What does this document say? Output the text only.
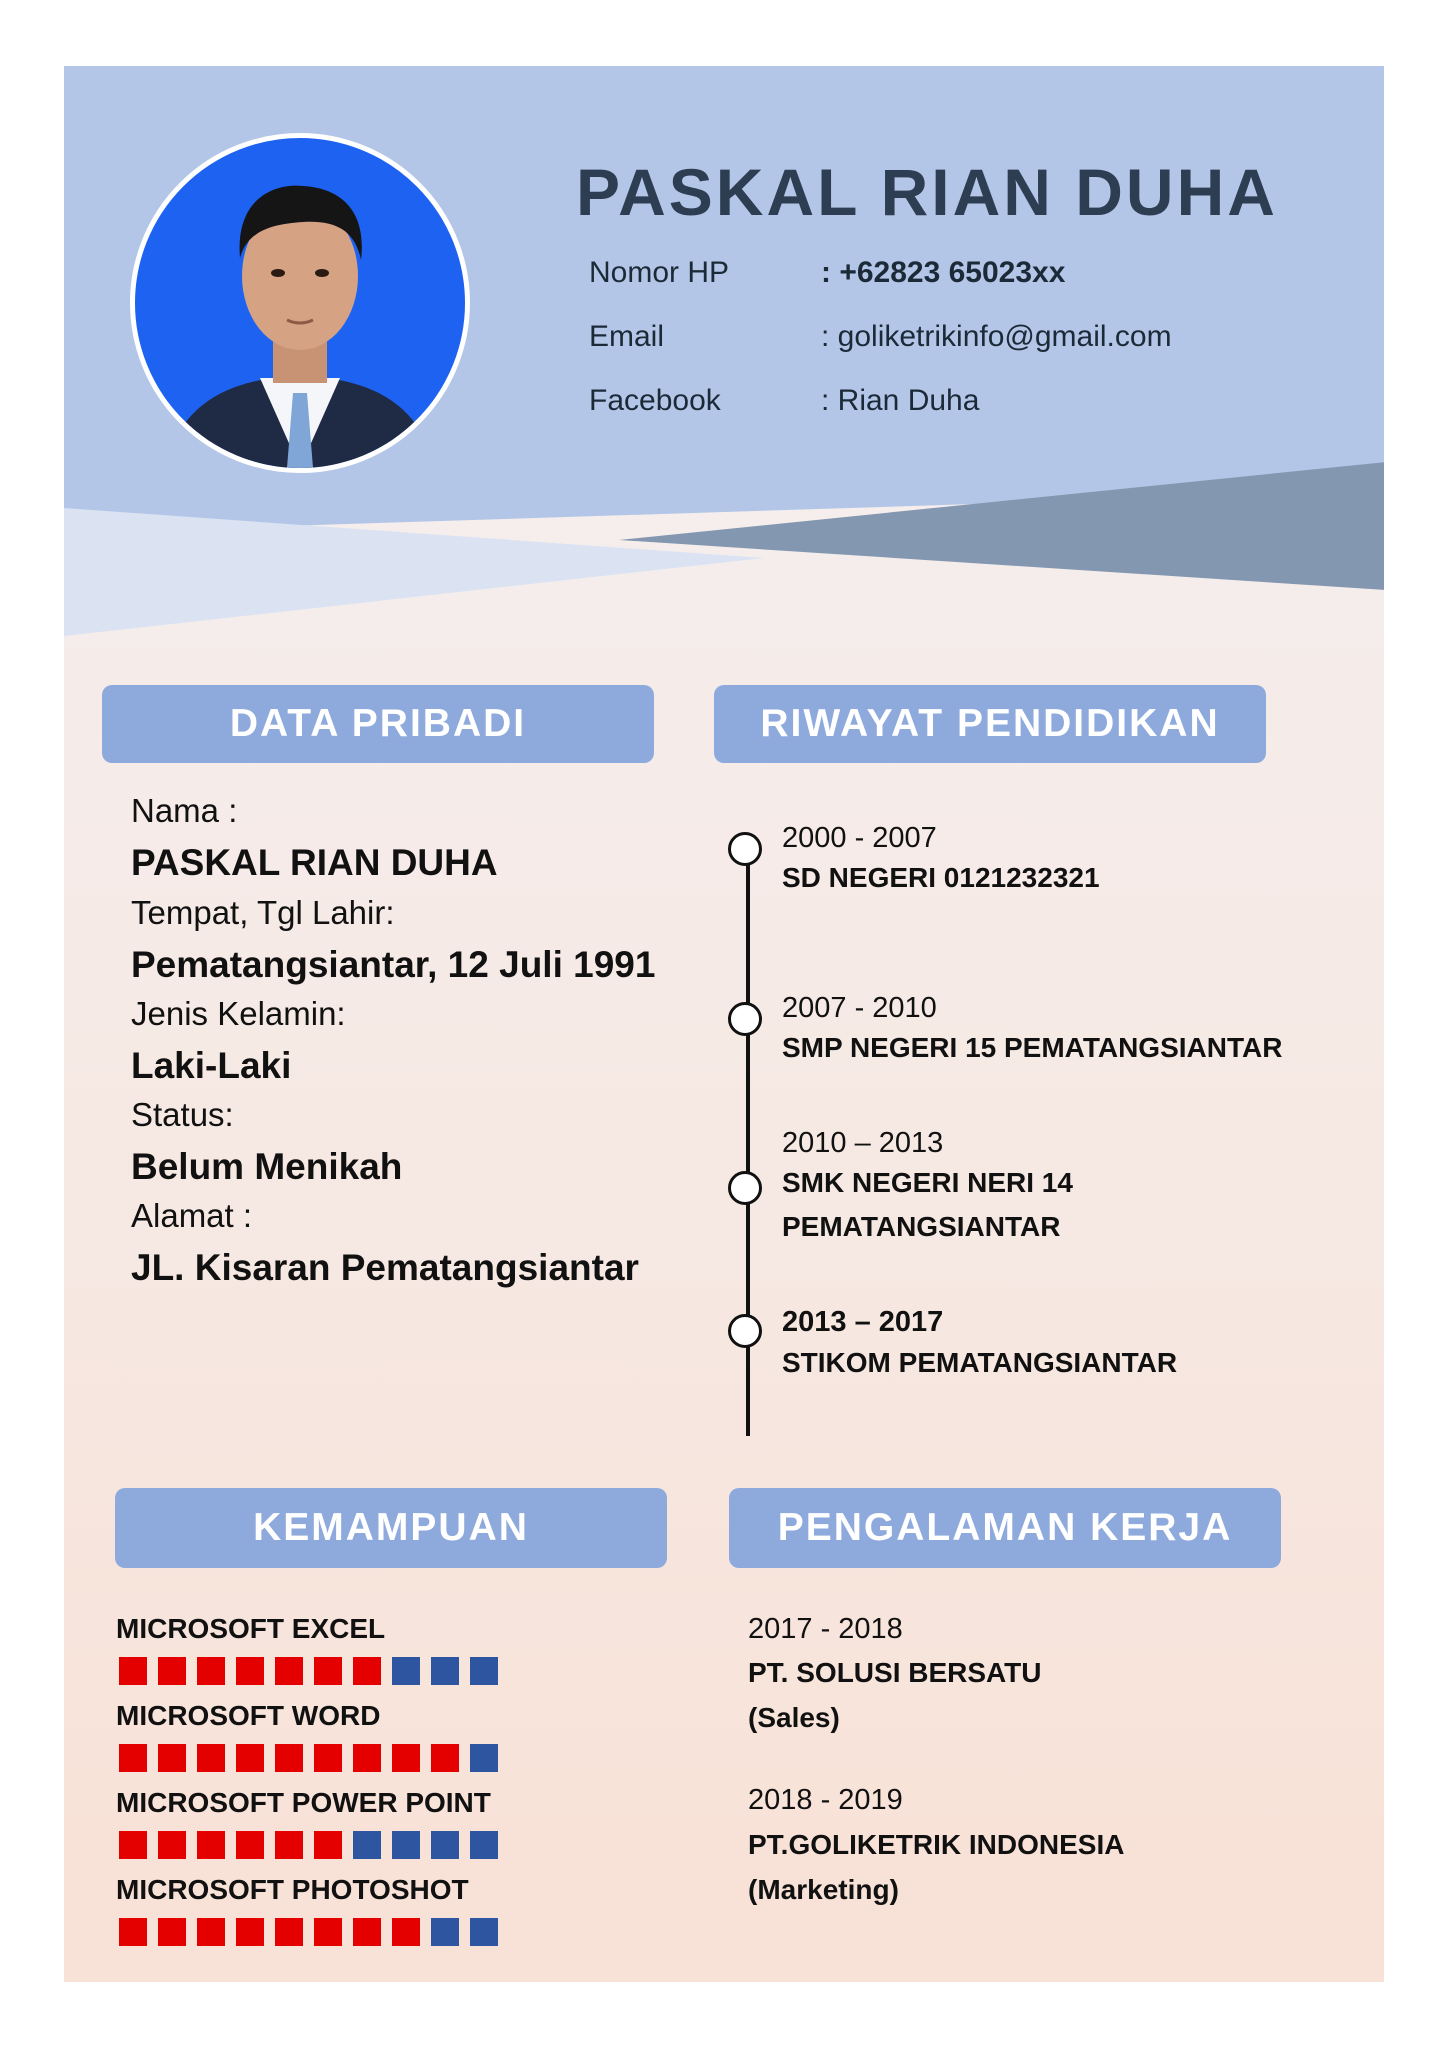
PASKAL RIAN DUHA
Nomor HP	: +62823 65023xx
Email	: goliketrikinfo@gmail.com
Facebook	: Rian Duha
DATA PRIBADI
Nama :
PASKAL RIAN DUHA
Tempat, Tgl Lahir:
Pematangsiantar, 12 Juli 1991
Jenis Kelamin:
Laki-Laki
Status:
Belum Menikah
Alamat :
JL. Kisaran Pematangsiantar
RIWAYAT PENDIDIKAN
2000 - 2007
SD NEGERI 0121232321
2007 - 2010
SMP NEGERI 15 PEMATANGSIANTAR
2010 – 2013
SMK NEGERI NERI 14 PEMATANGSIANTAR
2013 – 2017
STIKOM PEMATANGSIANTAR
KEMAMPUAN
MICROSOFT EXCEL
MICROSOFT WORD
MICROSOFT POWER POINT
MICROSOFT PHOTOSHOT
PENGALAMAN KERJA
2017 - 2018
PT. SOLUSI BERSATU
(Sales)
2018 - 2019
PT.GOLIKETRIK INDONESIA
(Marketing)
